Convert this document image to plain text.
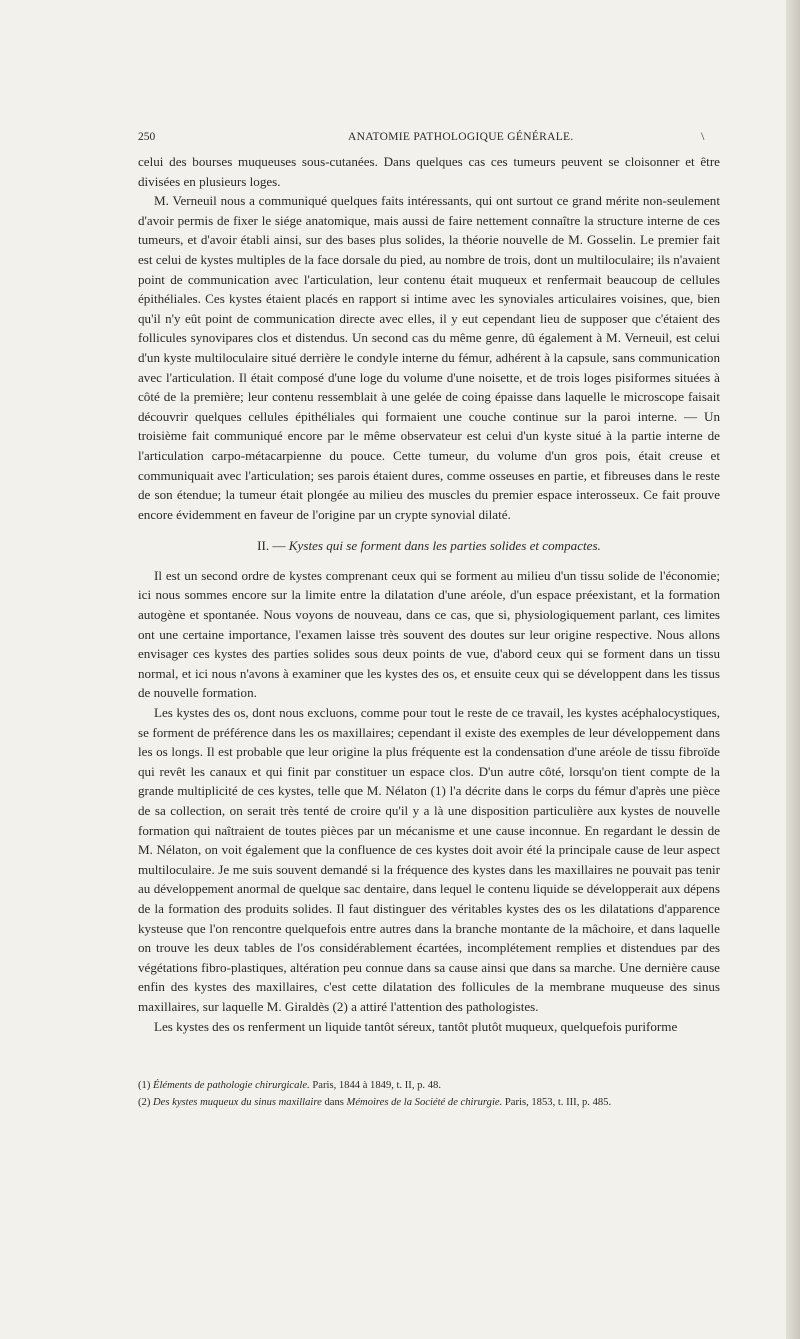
250	ANATOMIE PATHOLOGIQUE GÉNÉRALE.	\

celui des bourses muqueuses sous-cutanées. Dans quelques cas ces tumeurs peuvent se cloisonner et être divisées en plusieurs loges.

M. Verneuil nous a communiqué quelques faits intéressants, qui ont surtout ce grand mérite non-seulement d'avoir permis de fixer le siége anatomique, mais aussi de faire nettement connaître la structure interne de ces tumeurs, et d'avoir établi ainsi, sur des bases plus solides, la théorie nouvelle de M. Gosselin. Le premier fait est celui de kystes multiples de la face dorsale du pied, au nombre de trois, dont un multiloculaire; ils n'avaient point de communication avec l'articulation, leur contenu était muqueux et renfermait beaucoup de cellules épithéliales. Ces kystes étaient placés en rapport si intime avec les synoviales articulaires voisines, que, bien qu'il n'y eût point de communication directe avec elles, il y eut cependant lieu de supposer que c'étaient des follicules synovipares clos et distendus. Un second cas du même genre, dû également à M. Verneuil, est celui d'un kyste multiloculaire situé derrière le condyle interne du fémur, adhérent à la capsule, sans communication avec l'articulation. Il était composé d'une loge du volume d'une noisette, et de trois loges pisiformes situées à côté de la première; leur contenu ressemblait à une gelée de coing épaisse dans laquelle le microscope faisait découvrir quelques cellules épithéliales qui formaient une couche continue sur la paroi interne. — Un troisième fait communiqué encore par le même observateur est celui d'un kyste situé à la partie interne de l'articulation carpo-métacarpienne du pouce. Cette tumeur, du volume d'un gros pois, était creuse et communiquait avec l'articulation; ses parois étaient dures, comme osseuses en partie, et fibreuses dans le reste de son étendue; la tumeur était plongée au milieu des muscles du premier espace interosseux. Ce fait prouve encore évidemment en faveur de l'origine par un crypte synovial dilaté.

II. — Kystes qui se forment dans les parties solides et compactes.

Il est un second ordre de kystes comprenant ceux qui se forment au milieu d'un tissu solide de l'économie; ici nous sommes encore sur la limite entre la dilatation d'une aréole, d'un espace préexistant, et la formation autogène et spontanée. Nous voyons de nouveau, dans ce cas, que si, physiologiquement parlant, ces limites ont une certaine importance, l'examen laisse très souvent des doutes sur leur origine respective. Nous allons envisager ces kystes des parties solides sous deux points de vue, d'abord ceux qui se forment dans un tissu normal, et ici nous n'avons à examiner que les kystes des os, et ensuite ceux qui se développent dans les tissus de nouvelle formation.

Les kystes des os, dont nous excluons, comme pour tout le reste de ce travail, les kystes acéphalocystiques, se forment de préférence dans les os maxillaires; cependant il existe des exemples de leur développement dans les os longs. Il est probable que leur origine la plus fréquente est la condensation d'une aréole de tissu fibroïde qui revêt les canaux et qui finit par constituer un espace clos. D'un autre côté, lorsqu'on tient compte de la grande multiplicité de ces kystes, telle que M. Nélaton (1) l'a décrite dans le corps du fémur d'après une pièce de sa collection, on serait très tenté de croire qu'il y a là une disposition particulière aux kystes de nouvelle formation qui naîtraient de toutes pièces par un mécanisme et une cause inconnue. En regardant le dessin de M. Nélaton, on voit également que la confluence de ces kystes doit avoir été la principale cause de leur aspect multiloculaire. Je me suis souvent demandé si la fréquence des kystes dans les maxillaires ne pouvait pas tenir au développement anormal de quelque sac dentaire, dans lequel le contenu liquide se développerait aux dépens de la formation des produits solides. Il faut distinguer des véritables kystes des os les dilatations d'apparence kysteuse que l'on rencontre quelquefois entre autres dans la branche montante de la mâchoire, et dans laquelle on trouve les deux tables de l'os considérablement écartées, incomplétement remplies et distendues par des végétations fibro-plastiques, altération peu connue dans sa cause ainsi que dans sa marche. Une dernière cause enfin des kystes des maxillaires, c'est cette dilatation des follicules de la membrane muqueuse des sinus maxillaires, sur laquelle M. Giraldès (2) a attiré l'attention des pathologistes.

Les kystes des os renferment un liquide tantôt séreux, tantôt plutôt muqueux, quelquefois puriforme

(1) Éléments de pathologie chirurgicale. Paris, 1844 à 1849, t. II, p. 48.
(2) Des kystes muqueux du sinus maxillaire dans Mémoires de la Société de chirurgie. Paris, 1853, t. III, p. 485.
